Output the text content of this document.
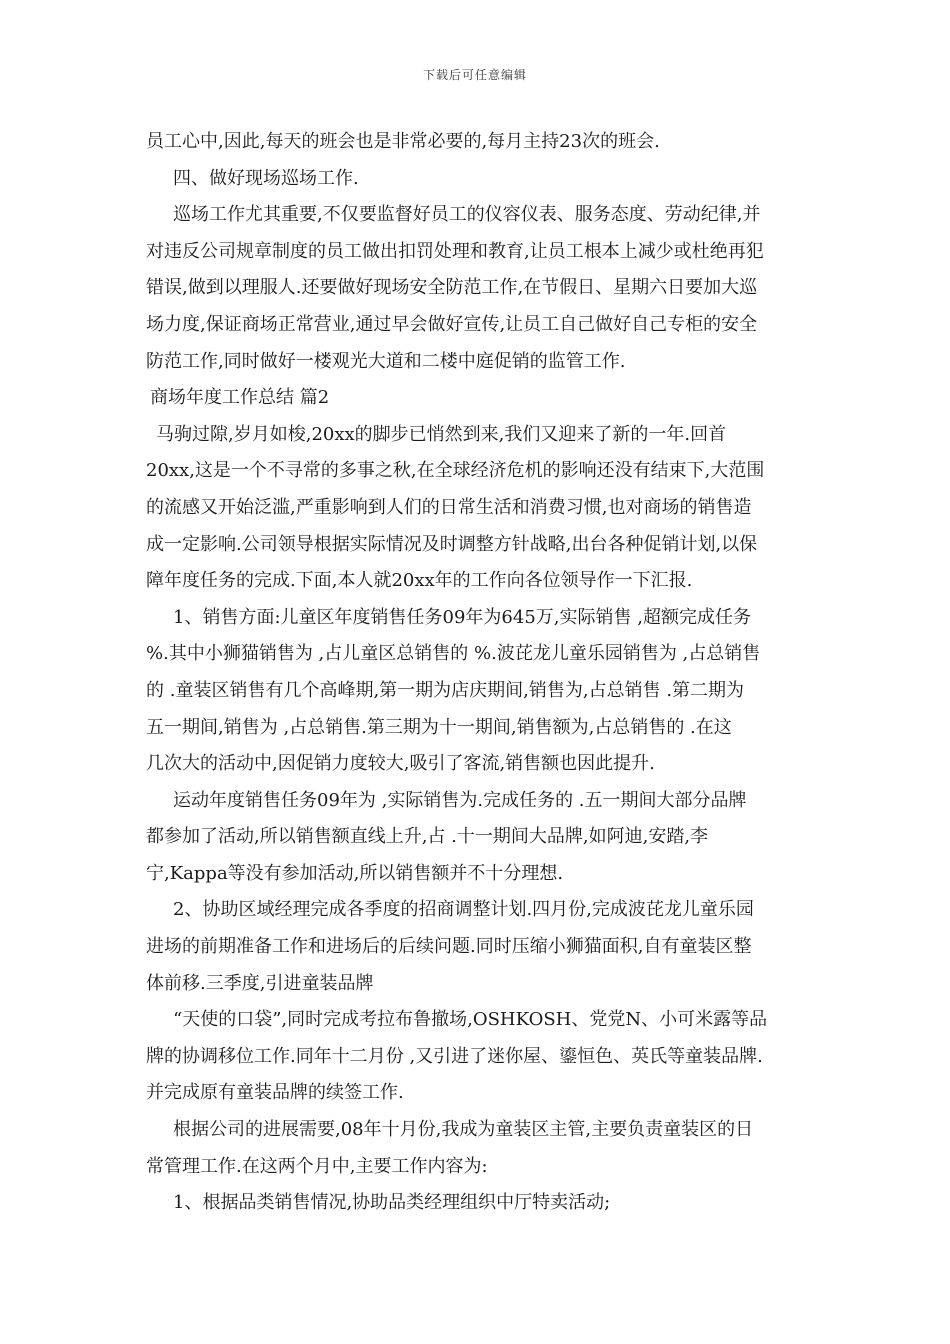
下载后可任意编辑

员工心中,因此,每天的班会也是非常必要的,每月主持23次的班会.

四、做好现场巡场工作.

巡场工作尤其重要,不仅要监督好员工的仪容仪表、服务态度、劳动纪律,并

对违反公司规章制度的员工做出扣罚处理和教育,让员工根本上减少或杜绝再犯

错误,做到以理服人.还要做好现场安全防范工作,在节假日、星期六日要加大巡

场力度,保证商场正常营业,通过早会做好宣传,让员工自己做好自己专柜的安全

防范工作,同时做好一楼观光大道和二楼中庭促销的监管工作.

商场年度工作总结 篇2

马驹过隙,岁月如梭,20xx的脚步已悄然到来,我们又迎来了新的一年.回首

20xx,这是一个不寻常的多事之秋,在全球经济危机的影响还没有结束下,大范围

的流感又开始泛滥,严重影响到人们的日常生活和消费习惯,也对商场的销售造

成一定影响.公司领导根据实际情况及时调整方针战略,出台各种促销计划,以保

障年度任务的完成.下面,本人就20xx年的工作向各位领导作一下汇报.

1、销售方面:儿童区年度销售任务09年为645万,实际销售 ,超额完成任务

%.其中小狮猫销售为 ,占儿童区总销售的 %.波芘龙儿童乐园销售为 ,占总销售

的 .童装区销售有几个高峰期,第一期为店庆期间,销售为,占总销售 .第二期为

五一期间,销售为 ,占总销售.第三期为十一期间,销售额为,占总销售的 .在这

几次大的活动中,因促销力度较大,吸引了客流,销售额也因此提升.

运动年度销售任务09年为 ,实际销售为.完成任务的 .五一期间大部分品牌

都参加了活动,所以销售额直线上升,占 .十一期间大品牌,如阿迪,安踏,李

宁,Kappa等没有参加活动,所以销售额并不十分理想.

2、协助区域经理完成各季度的招商调整计划.四月份,完成波芘龙儿童乐园

进场的前期准备工作和进场后的后续问题.同时压缩小狮猫面积,自有童装区整

体前移.三季度,引进童装品牌

“天使的口袋”,同时完成考拉布鲁撤场,OSHKOSH、党党N、小可米露等品

牌的协调移位工作.同年十二月份 ,又引进了迷你屋、鎏恒色、英氏等童装品牌.

并完成原有童装品牌的续签工作.

根据公司的进展需要,08年十月份,我成为童装区主管,主要负责童装区的日

常管理工作.在这两个月中,主要工作内容为:

1、根据品类销售情况,协助品类经理组织中厅特卖活动;
